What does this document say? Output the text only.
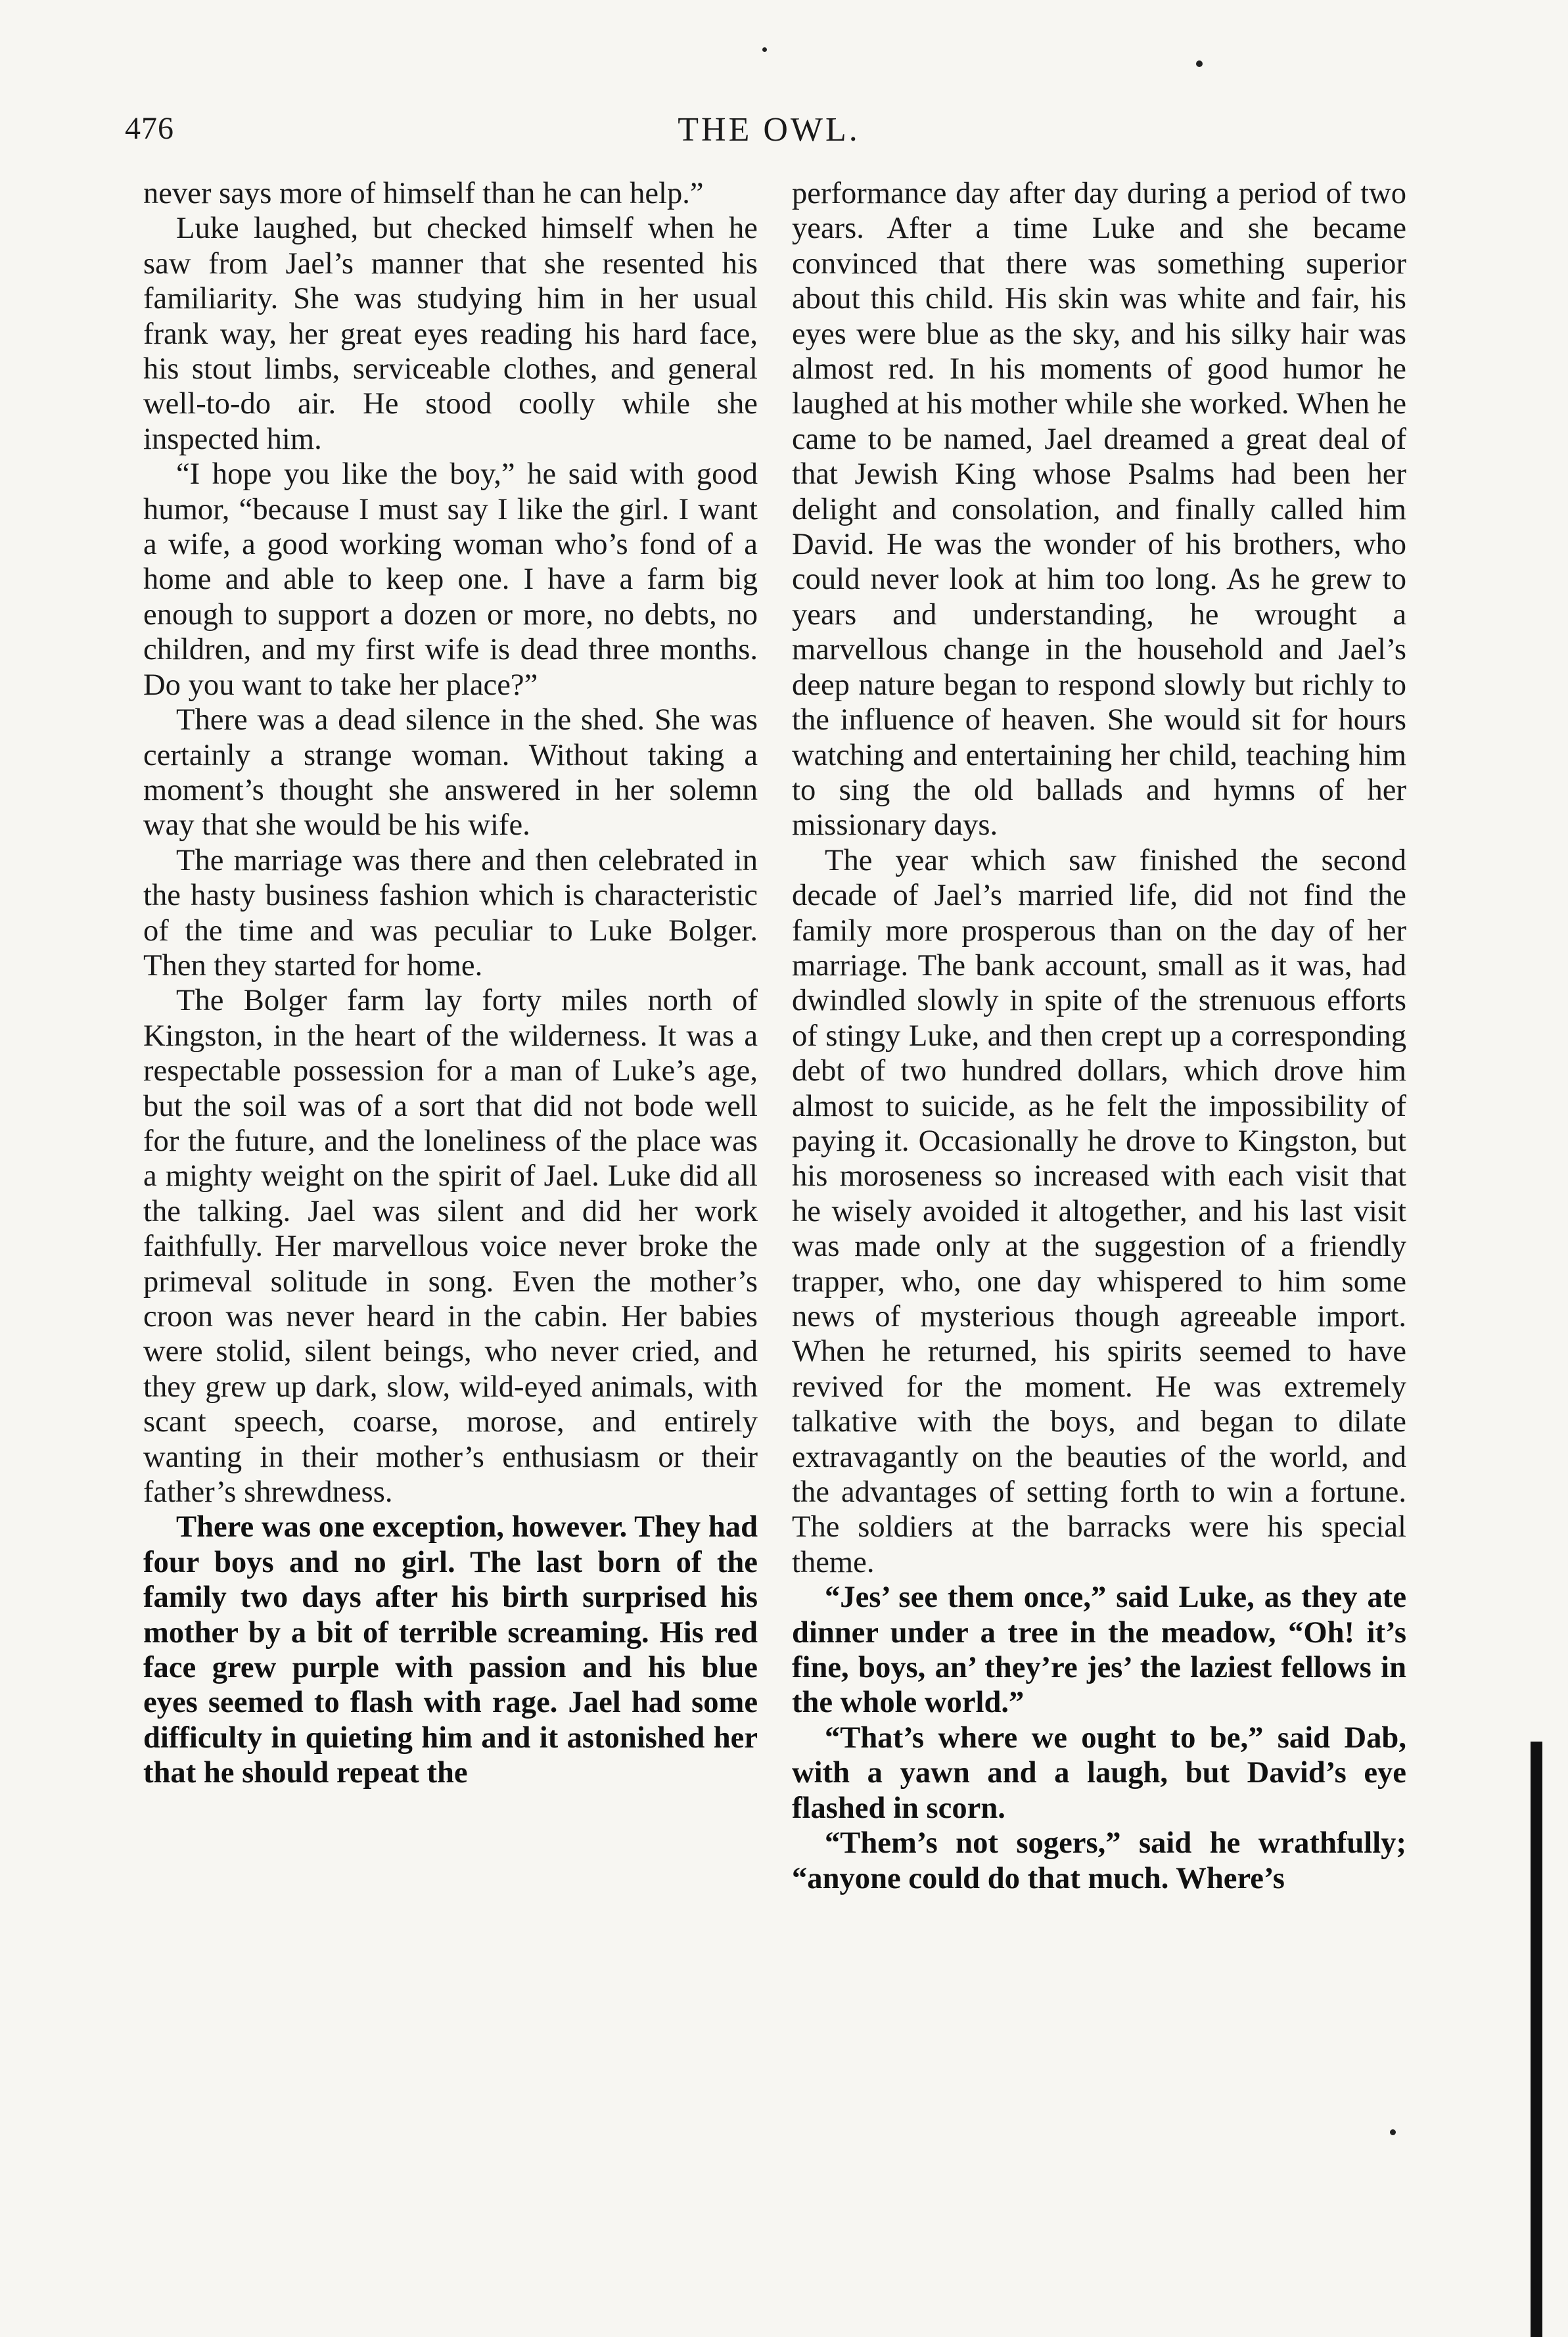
476	THE OWL.

never says more of himself than he can help.”

Luke laughed, but checked himself when he saw from Jael’s manner that she resented his familiarity. She was studying him in her usual frank way, her great eyes reading his hard face, his stout limbs, serviceable clothes, and general well-to-do air. He stood coolly while she inspected him.

“I hope you like the boy,” he said with good humor, “because I must say I like the girl. I want a wife, a good working woman who’s fond of a home and able to keep one. I have a farm big enough to support a dozen or more, no debts, no children, and my first wife is dead three months. Do you want to take her place?”

There was a dead silence in the shed. She was certainly a strange woman. Without taking a moment’s thought she answered in her solemn way that she would be his wife.

The marriage was there and then celebrated in the hasty business fashion which is characteristic of the time and was peculiar to Luke Bolger. Then they started for home.

The Bolger farm lay forty miles north of Kingston, in the heart of the wilderness. It was a respectable possession for a man of Luke’s age, but the soil was of a sort that did not bode well for the future, and the loneliness of the place was a mighty weight on the spirit of Jael. Luke did all the talking. Jael was silent and did her work faithfully. Her marvellous voice never broke the primeval solitude in song. Even the mother’s croon was never heard in the cabin. Her babies were stolid, silent beings, who never cried, and they grew up dark, slow, wild-eyed animals, with scant speech, coarse, morose, and entirely wanting in their mother’s enthusiasm or their father’s shrewdness.

There was one exception, however. They had four boys and no girl. The last born of the family two days after his birth surprised his mother by a bit of terrible screaming. His red face grew purple with passion and his blue eyes seemed to flash with rage. Jael had some difficulty in quieting him and it astonished her that he should repeat the

performance day after day during a period of two years. After a time Luke and she became convinced that there was something superior about this child. His skin was white and fair, his eyes were blue as the sky, and his silky hair was almost red. In his moments of good humor he laughed at his mother while she worked. When he came to be named, Jael dreamed a great deal of that Jewish King whose Psalms had been her delight and consolation, and finally called him David. He was the wonder of his brothers, who could never look at him too long. As he grew to years and understanding, he wrought a marvellous change in the household and Jael’s deep nature began to respond slowly but richly to the influence of heaven. She would sit for hours watching and entertaining her child, teaching him to sing the old ballads and hymns of her missionary days.

The year which saw finished the second decade of Jael’s married life, did not find the family more prosperous than on the day of her marriage. The bank account, small as it was, had dwindled slowly in spite of the strenuous efforts of stingy Luke, and then crept up a corresponding debt of two hundred dollars, which drove him almost to suicide, as he felt the impossibility of paying it. Occasionally he drove to Kingston, but his moroseness so increased with each visit that he wisely avoided it altogether, and his last visit was made only at the suggestion of a friendly trapper, who, one day whispered to him some news of mysterious though agreeable import. When he returned, his spirits seemed to have revived for the moment. He was extremely talkative with the boys, and began to dilate extravagantly on the beauties of the world, and the advantages of setting forth to win a fortune. The soldiers at the barracks were his special theme.

“Jes’ see them once,” said Luke, as they ate dinner under a tree in the meadow, “Oh! it’s fine, boys, an’ they’re jes’ the laziest fellows in the whole world.”

“That’s where we ought to be,” said Dab, with a yawn and a laugh, but David’s eye flashed in scorn.

“Them’s not sogers,” said he wrathfully; “anyone could do that much. Where’s
